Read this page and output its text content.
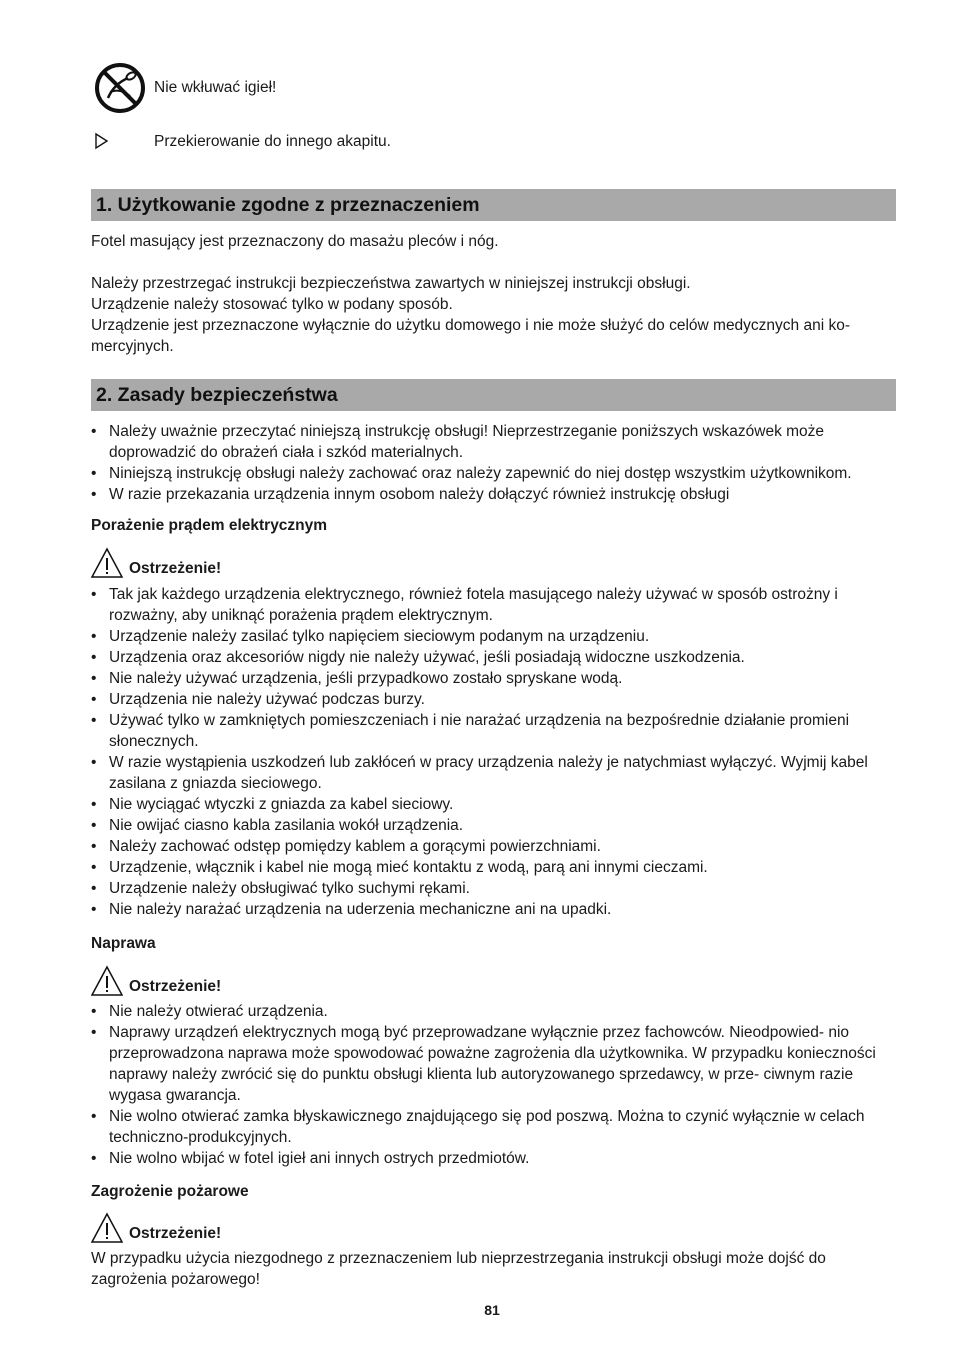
Nie wkłuwać igieł!
Przekierowanie do innego akapitu.
1. Użytkowanie zgodne z przeznaczeniem
Fotel masujący jest przeznaczony do masażu pleców i nóg.
Należy przestrzegać instrukcji bezpieczeństwa zawartych w niniejszej instrukcji obsługi.
Urządzenie należy stosować tylko w podany sposób.
Urządzenie jest przeznaczone wyłącznie do użytku domowego i nie może służyć do celów medycznych ani ko-
mercyjnych.
2. Zasady bezpieczeństwa
• Należy uważnie przeczytać niniejszą instrukcję obsługi! Nieprzestrzeganie poniższych wskazówek może doprowadzić do obrażeń ciała i szkód materialnych.
• Niniejszą instrukcję obsługi należy zachować oraz należy zapewnić do niej dostęp wszystkim użytkownikom.
• W razie przekazania urządzenia innym osobom należy dołączyć również instrukcję obsługi
Porażenie prądem elektrycznym
Ostrzeżenie!
• Tak jak każdego urządzenia elektrycznego, również fotela masującego należy używać w sposób ostrożny i rozważny, aby uniknąć porażenia prądem elektrycznym.
• Urządzenie należy zasilać tylko napięciem sieciowym podanym na urządzeniu.
• Urządzenia oraz akcesoriów nigdy nie należy używać, jeśli posiadają widoczne uszkodzenia.
• Nie należy używać urządzenia, jeśli przypadkowo zostało spryskane wodą.
• Urządzenia nie należy używać podczas burzy.
• Używać tylko w zamkniętych pomieszczeniach i nie narażać urządzenia na bezpośrednie działanie promieni słonecznych.
• W razie wystąpienia uszkodzeń lub zakłóceń w pracy urządzenia należy je natychmiast wyłączyć. Wyjmij kabel zasilana z gniazda sieciowego.
• Nie wyciągać wtyczki z gniazda za kabel sieciowy.
• Nie owijać ciasno kabla zasilania wokół urządzenia.
• Należy zachować odstęp pomiędzy kablem a gorącymi powierzchniami.
• Urządzenie, włącznik i kabel nie mogą mieć kontaktu z wodą, parą ani innymi cieczami.
• Urządzenie należy obsługiwać tylko suchymi rękami.
• Nie należy narażać urządzenia na uderzenia mechaniczne ani na upadki.
Naprawa
Ostrzeżenie!
• Nie należy otwierać urządzenia.
• Naprawy urządzeń elektrycznych mogą być przeprowadzane wyłącznie przez fachowców. Nieodpowied- nio przeprowadzona naprawa może spowodować poważne zagrożenia dla użytkownika. W przypadku konieczności naprawy należy zwrócić się do punktu obsługi klienta lub autoryzowanego sprzedawcy, w prze- ciwnym razie wygasa gwarancja.
• Nie wolno otwierać zamka błyskawicznego znajdującego się pod poszwą. Można to czynić wyłącznie w celach techniczno-produkcyjnych.
• Nie wolno wbijać w fotel igieł ani innych ostrych przedmiotów.
Zagrożenie pożarowe
Ostrzeżenie!
W przypadku użycia niezgodnego z przeznaczeniem lub nieprzestrzegania instrukcji obsługi może dojść do zagrożenia pożarowego!
81
